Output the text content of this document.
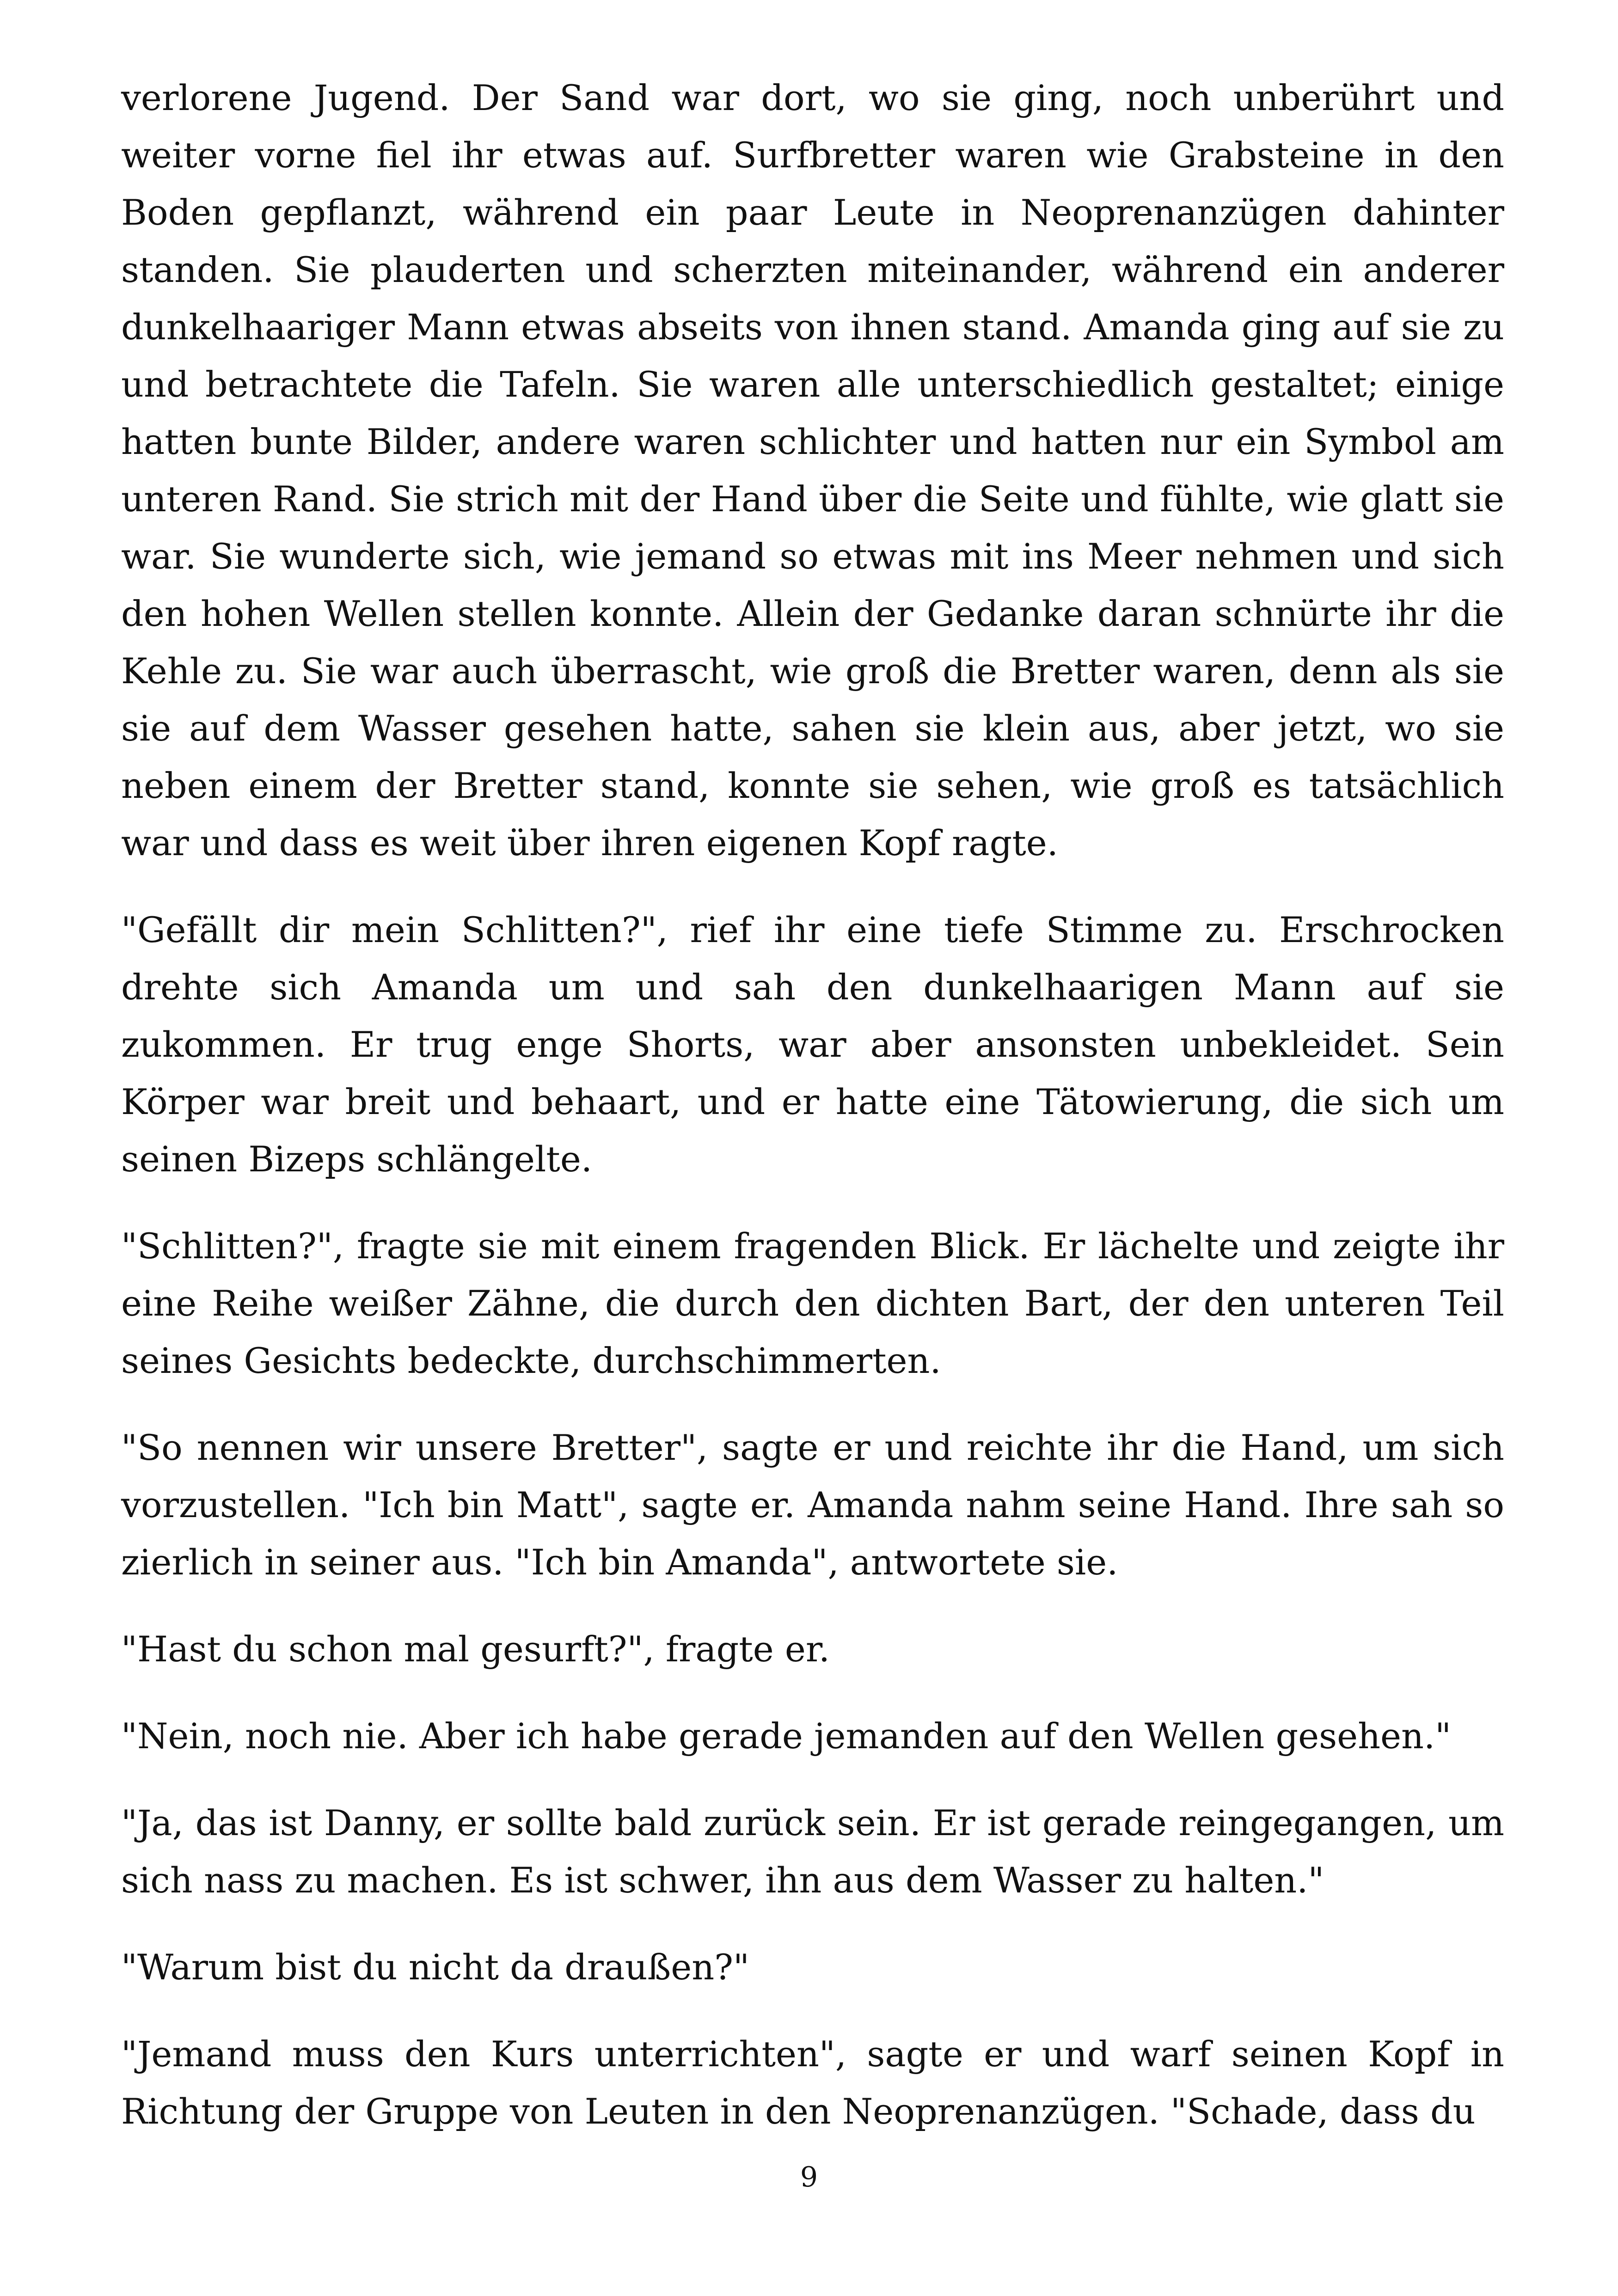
verlorene Jugend. Der Sand war dort, wo sie ging, noch unberührt und weiter vorne fiel ihr etwas auf. Surfbretter waren wie Grabsteine in den Boden gepflanzt, während ein paar Leute in Neoprenanzügen dahinter standen. Sie plauderten und scherzten miteinander, während ein anderer dunkelhaariger Mann etwas abseits von ihnen stand. Amanda ging auf sie zu und betrachtete die Tafeln. Sie waren alle unterschiedlich gestaltet; einige hatten bunte Bilder, andere waren schlichter und hatten nur ein Symbol am unteren Rand. Sie strich mit der Hand über die Seite und fühlte, wie glatt sie war. Sie wunderte sich, wie jemand so etwas mit ins Meer nehmen und sich den hohen Wellen stellen konnte. Allein der Gedanke daran schnürte ihr die Kehle zu. Sie war auch überrascht, wie groß die Bretter waren, denn als sie sie auf dem Wasser gesehen hatte, sahen sie klein aus, aber jetzt, wo sie neben einem der Bretter stand, konnte sie sehen, wie groß es tatsächlich war und dass es weit über ihren eigenen Kopf ragte.

"Gefällt dir mein Schlitten?", rief ihr eine tiefe Stimme zu. Erschrocken drehte sich Amanda um und sah den dunkelhaarigen Mann auf sie zukommen. Er trug enge Shorts, war aber ansonsten unbekleidet. Sein Körper war breit und behaart, und er hatte eine Tätowierung, die sich um seinen Bizeps schlängelte.

"Schlitten?", fragte sie mit einem fragenden Blick. Er lächelte und zeigte ihr eine Reihe weißer Zähne, die durch den dichten Bart, der den unteren Teil seines Gesichts bedeckte, durchschimmerten.

"So nennen wir unsere Bretter", sagte er und reichte ihr die Hand, um sich vorzustellen. "Ich bin Matt", sagte er. Amanda nahm seine Hand. Ihre sah so zierlich in seiner aus. "Ich bin Amanda", antwortete sie.

"Hast du schon mal gesurft?", fragte er.

"Nein, noch nie. Aber ich habe gerade jemanden auf den Wellen gesehen."

"Ja, das ist Danny, er sollte bald zurück sein. Er ist gerade reingegangen, um sich nass zu machen. Es ist schwer, ihn aus dem Wasser zu halten."

"Warum bist du nicht da draußen?"

"Jemand muss den Kurs unterrichten", sagte er und warf seinen Kopf in Richtung der Gruppe von Leuten in den Neoprenanzügen. "Schade, dass du

9
